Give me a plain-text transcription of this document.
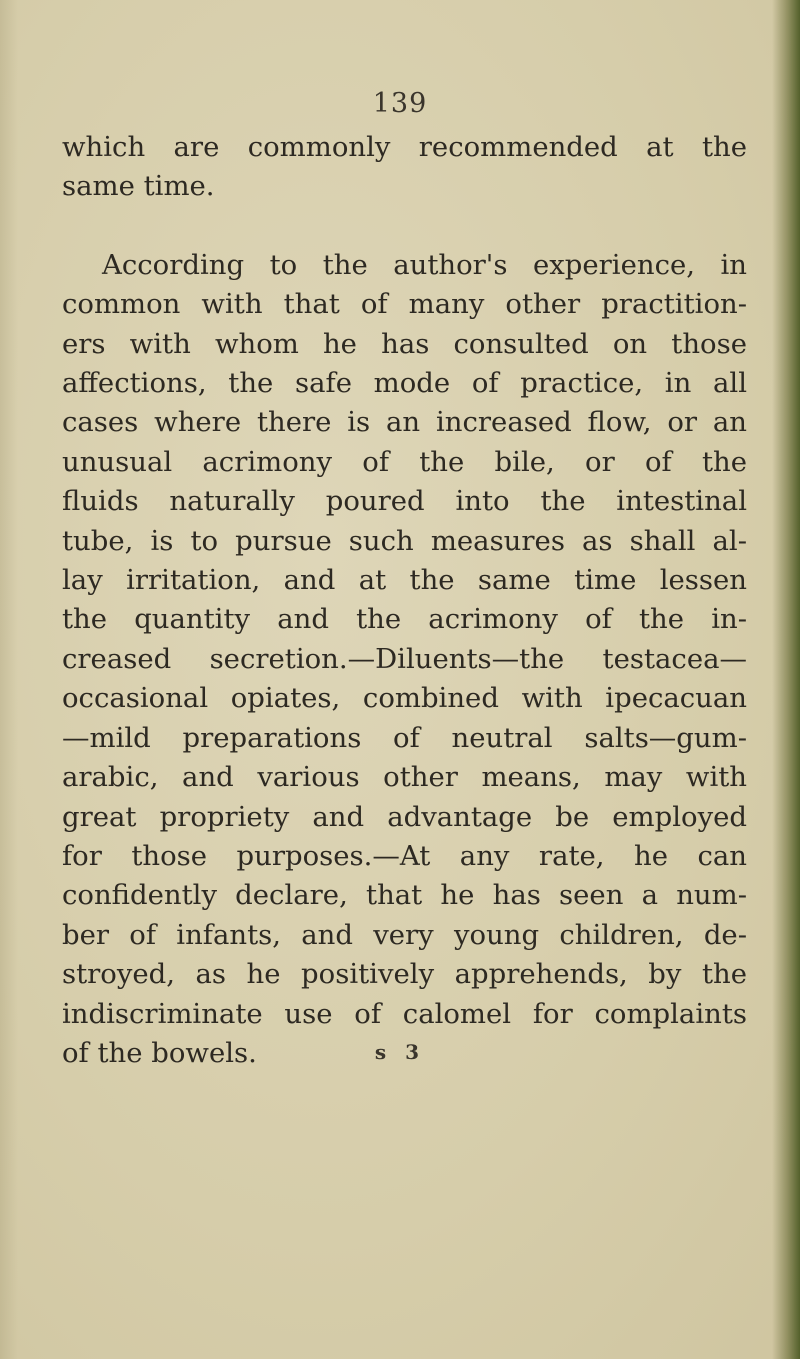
139
which are commonly recommended at the
same time.
According to the author's experience, in
common with that of many other practition-
ers with whom he has consulted on those
affections, the safe mode of practice, in all
cases where there is an increased flow, or an
unusual acrimony of the bile, or of the
fluids naturally poured into the intestinal
tube, is to pursue such measures as shall al-
lay irritation, and at the same time lessen
the quantity and the acrimony of the in-
creased secretion.—Diluents—the testacea—
occasional opiates, combined with ipecacuan
—mild preparations of neutral salts—gum-
arabic, and various other means, may with
great propriety and advantage be employed
for those purposes.—At any rate, he can
confidently declare, that he has seen a num-
ber of infants, and very young children, de-
stroyed, as he positively apprehends, by the
indiscriminate use of calomel for complaints
of the bowels.	s 3
